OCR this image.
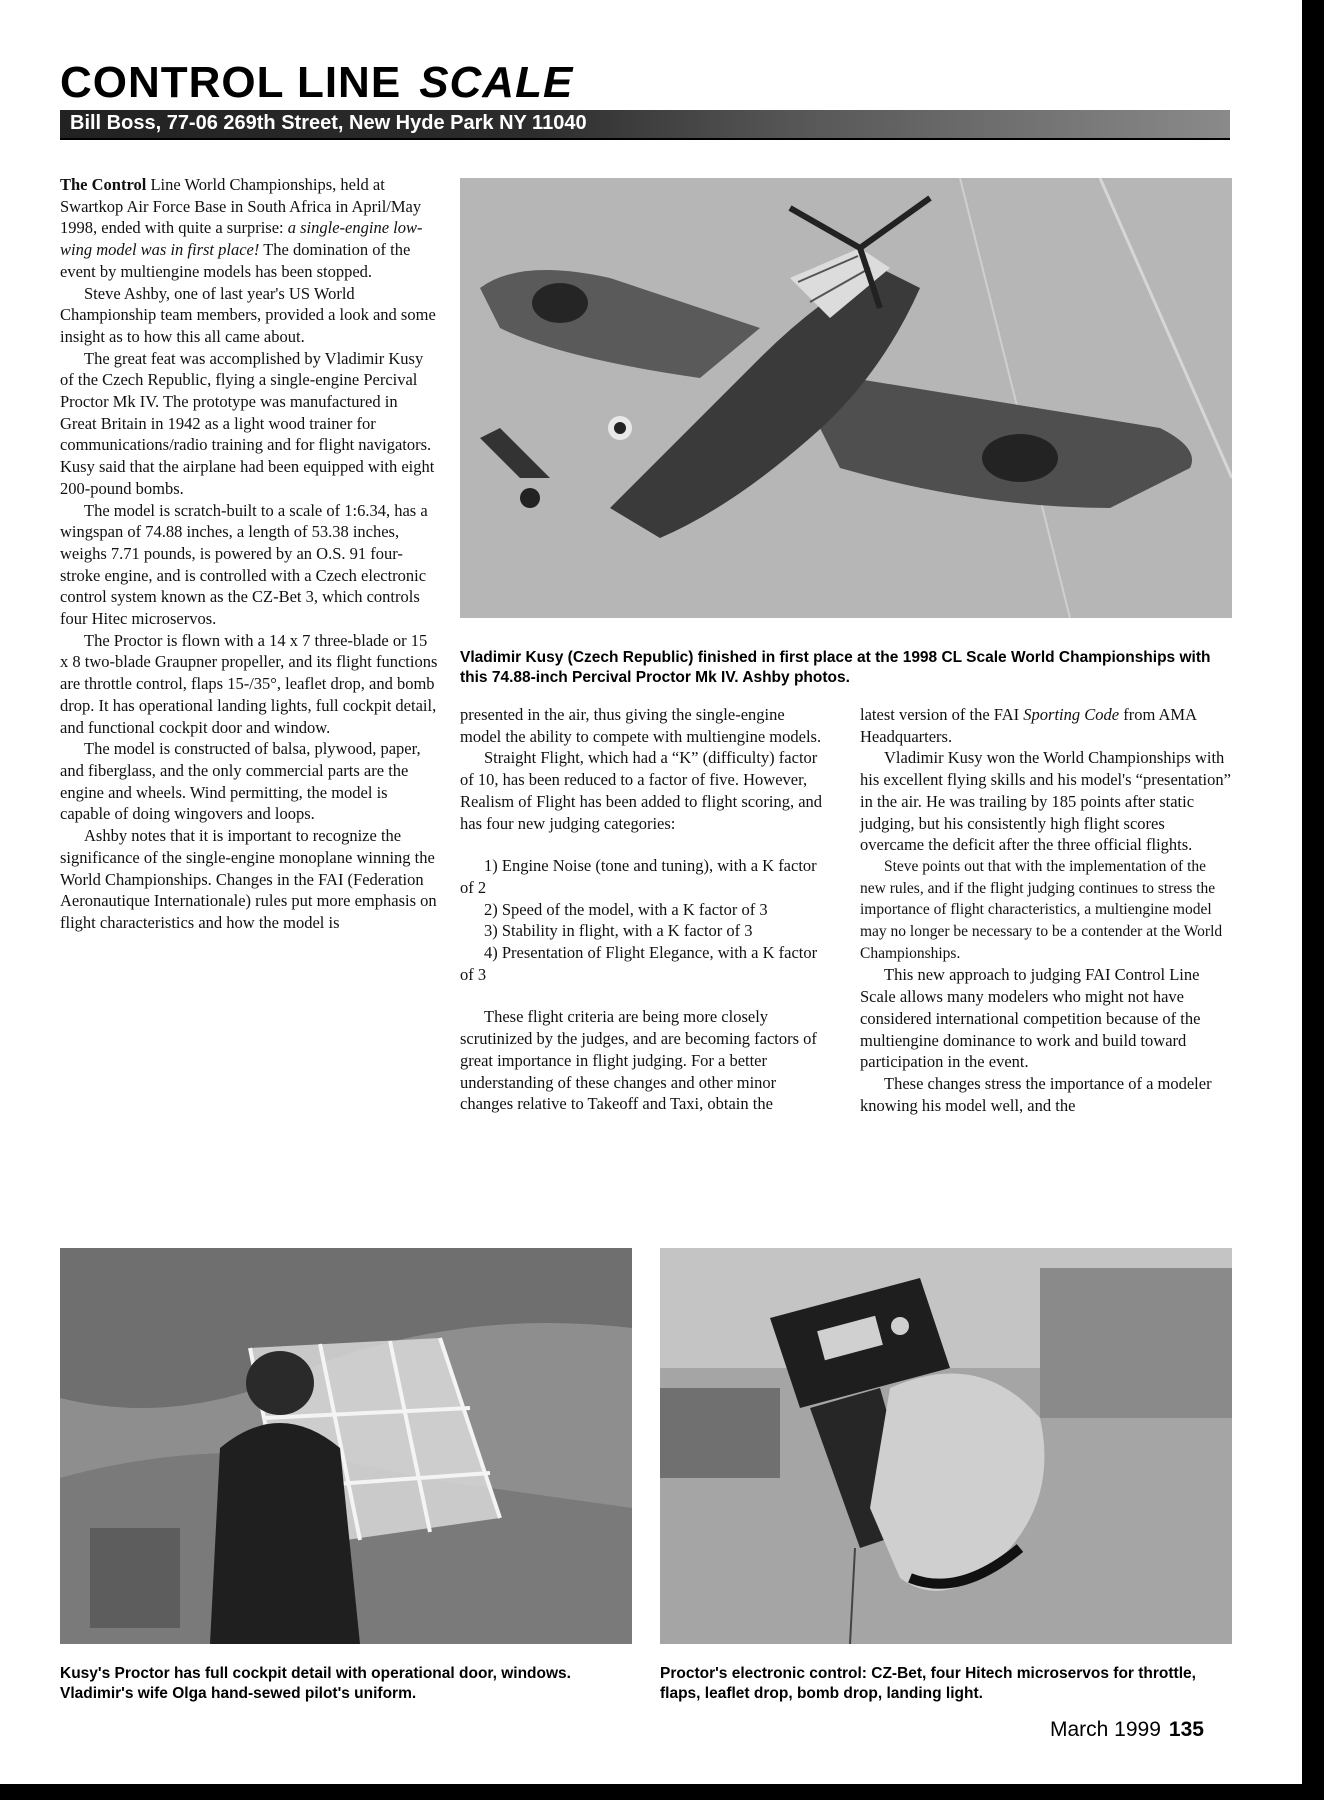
CONTROL LINE SCALE
Bill Boss, 77-06 269th Street, New Hyde Park NY 11040

The Control Line World Championships, held at Swartkop Air Force Base in South Africa in April/May 1998, ended with quite a surprise: a single-engine low-wing model was in first place! The domination of the event by multiengine models has been stopped.

Steve Ashby, one of last year's US World Championship team members, provided a look and some insight as to how this all came about.

The great feat was accomplished by Vladimir Kusy of the Czech Republic, flying a single-engine Percival Proctor Mk IV. The prototype was manufactured in Great Britain in 1942 as a light wood trainer for communications/radio training and for flight navigators. Kusy said that the airplane had been equipped with eight 200-pound bombs.

The model is scratch-built to a scale of 1:6.34, has a wingspan of 74.88 inches, a length of 53.38 inches, weighs 7.71 pounds, is powered by an O.S. 91 four-stroke engine, and is controlled with a Czech electronic control system known as the CZ-Bet 3, which controls four Hitec microservos.

The Proctor is flown with a 14 x 7 three-blade or 15 x 8 two-blade Graupner propeller, and its flight functions are throttle control, flaps 15-/35°, leaflet drop, and bomb drop. It has operational landing lights, full cockpit detail, and functional cockpit door and window.

The model is constructed of balsa, plywood, paper, and fiberglass, and the only commercial parts are the engine and wheels. Wind permitting, the model is capable of doing wingovers and loops.

Ashby notes that it is important to recognize the significance of the single-engine monoplane winning the World Championships. Changes in the FAI (Federation Aeronautique Internationale) rules put more emphasis on flight characteristics and how the model is

presented in the air, thus giving the single-engine model the ability to compete with multiengine models.

Straight Flight, which had a “K” (difficulty) factor of 10, has been reduced to a factor of five. However, Realism of Flight has been added to flight scoring, and has four new judging categories:

1) Engine Noise (tone and tuning), with a K factor of 2

2) Speed of the model, with a K factor of 3

3) Stability in flight, with a K factor of 3

4) Presentation of Flight Elegance, with a K factor of 3

These flight criteria are being more closely scrutinized by the judges, and are becoming factors of great importance in flight judging. For a better understanding of these changes and other minor changes relative to Takeoff and Taxi, obtain the

latest version of the FAI Sporting Code from AMA Headquarters.

Vladimir Kusy won the World Championships with his excellent flying skills and his model's “presentation” in the air. He was trailing by 185 points after static judging, but his consistently high flight scores overcame the deficit after the three official flights.

Steve points out that with the implementation of the new rules, and if the flight judging continues to stress the importance of flight characteristics, a multiengine model may no longer be necessary to be a contender at the World Championships.

This new approach to judging FAI Control Line Scale allows many modelers who might not have considered international competition because of the multiengine dominance to work and build toward participation in the event.

These changes stress the importance of a modeler knowing his model well, and the

Vladimir Kusy (Czech Republic) finished in first place at the 1998 CL Scale World Championships with this 74.88-inch Percival Proctor Mk IV. Ashby photos.
Kusy's Proctor has full cockpit detail with operational door, windows. Vladimir's wife Olga hand-sewed pilot's uniform.
Proctor's electronic control: CZ-Bet, four Hitech microservos for throttle, flaps, leaflet drop, bomb drop, landing light.
March 1999 135
